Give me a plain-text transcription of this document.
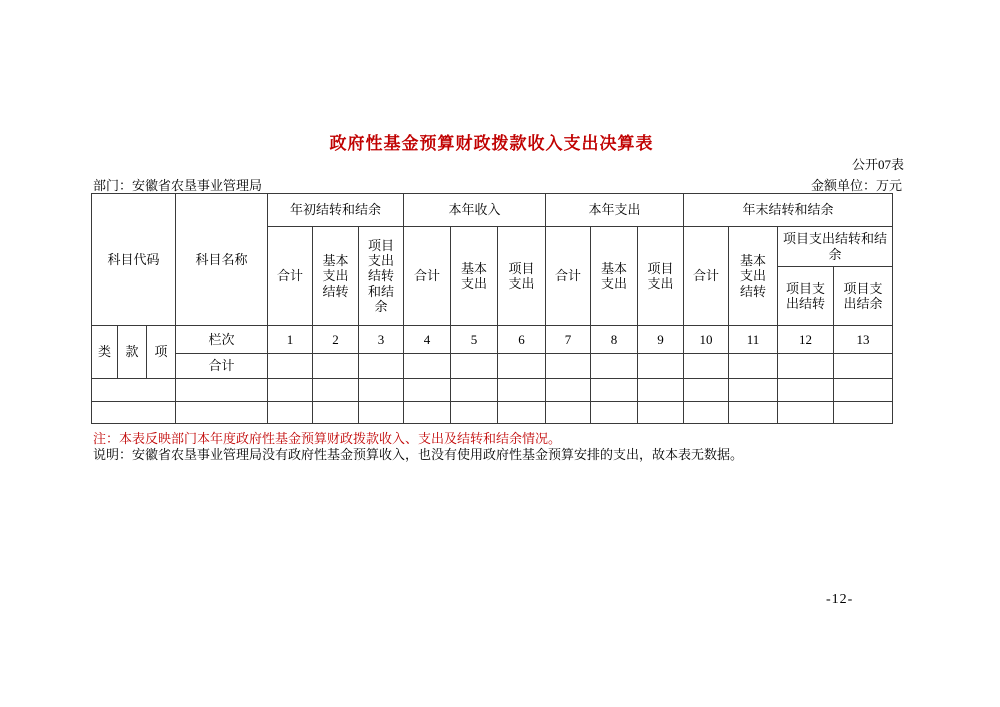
政府性基金预算财政拨款收入支出决算表
公开07表
部门：安徽省农垦事业管理局	金额单位：万元
科目代码			科目名称	年初结转和结余			本年收入			本年支出			年末结转和结余			
				合计	基本支出结转	项目支出结转和结余	合计	基本支出	项目支出	合计	基本支出	项目支出	合计	基本支出结转	项目支出结转和结余	
															项目支出结转	项目支出结余
类	款	项	栏次	1	2	3	4	5	6	7	8	9	10	11	12	13
			合计													

注：本表反映部门本年度政府性基金预算财政拨款收入、支出及结转和结余情况。
说明：安徽省农垦事业管理局没有政府性基金预算收入，也没有使用政府性基金预算安排的支出，故本表无数据。
-12-
